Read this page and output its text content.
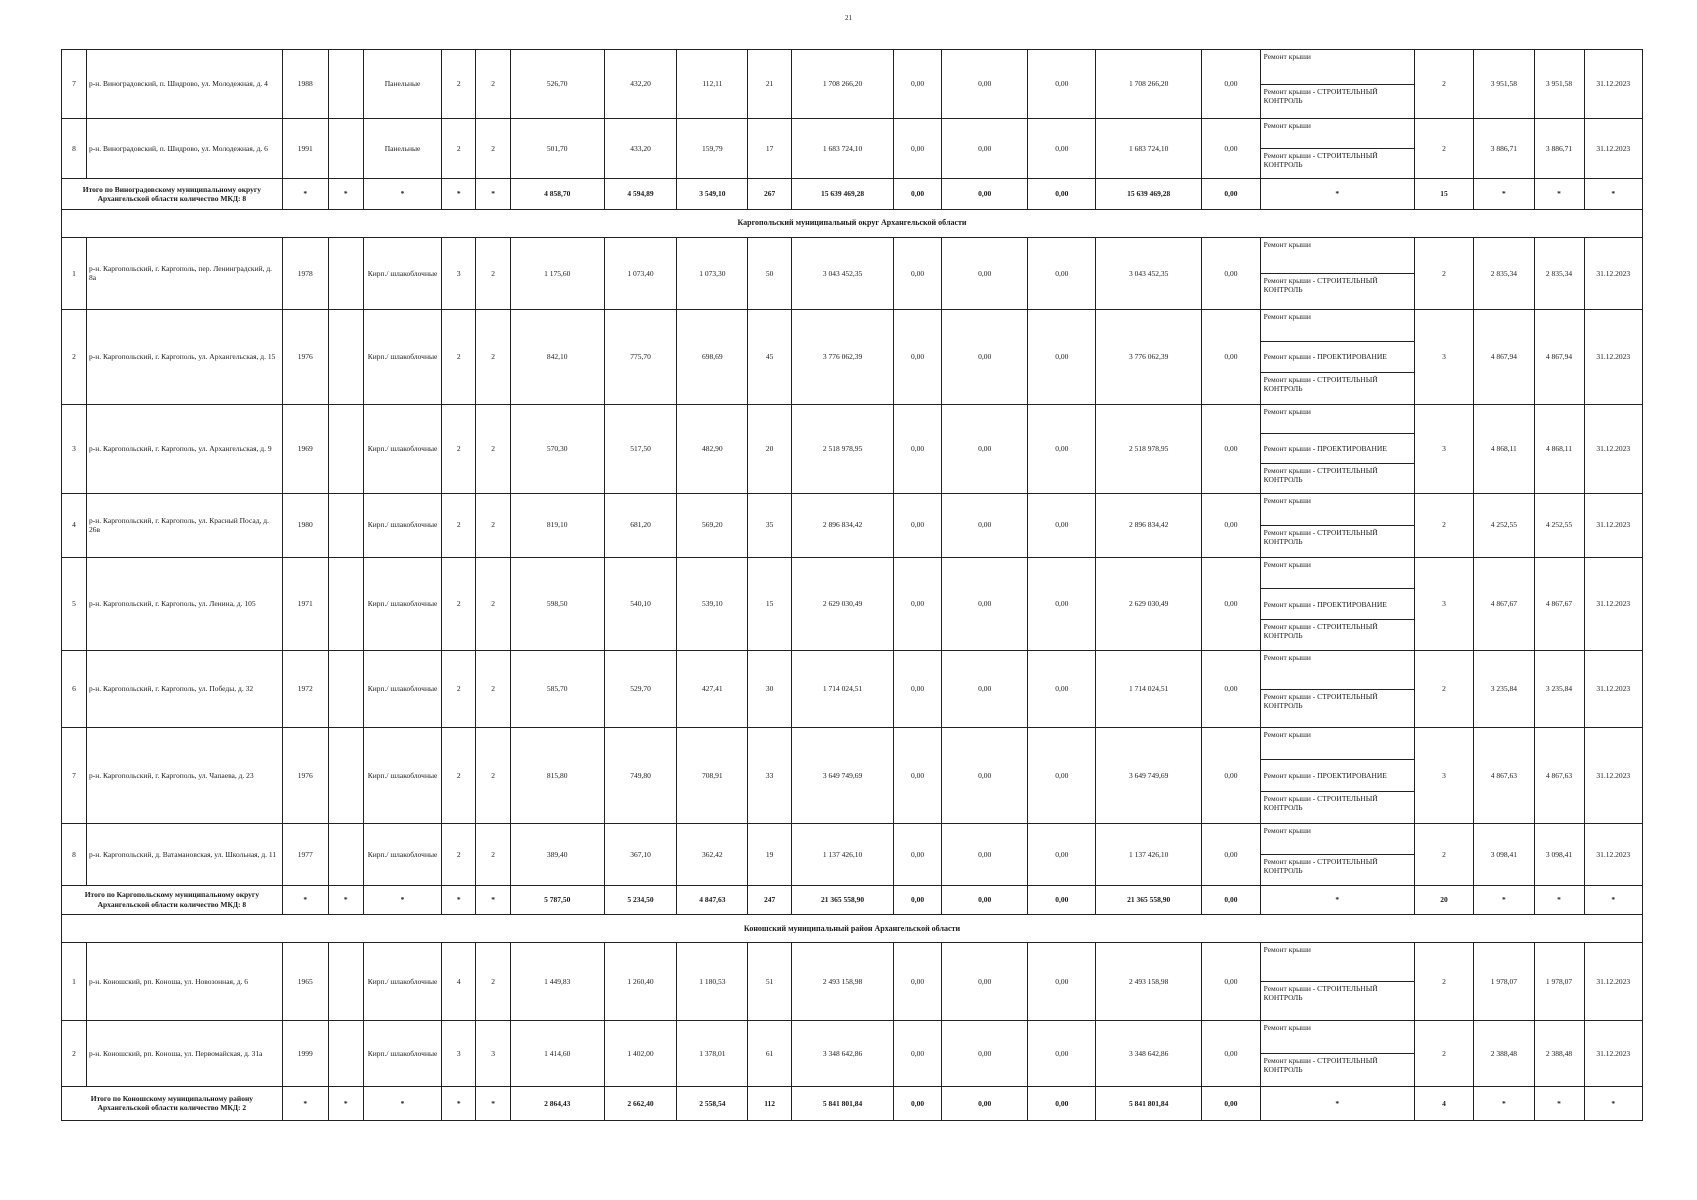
21
7	р-н. Виноградовский, п. Шидрово, ул. Молодежная, д. 4	1988		Панельные	2	2	526,70	432,20	112,11	21	1 708 266,20	0,00	0,00	0,00	1 708 266,20	0,00	Ремонт крыши
Ремонт крыши - СТРОИТЕЛЬНЫЙ КОНТРОЛЬ	2	3 951,58	3 951,58	31.12.2023
8	р-н. Виноградовский, п. Шидрово, ул. Молодежная, д. 6	1991		Панельные	2	2	501,70	433,20	159,79	17	1 683 724,10	0,00	0,00	0,00	1 683 724,10	0,00	Ремонт крыши
Ремонт крыши - СТРОИТЕЛЬНЫЙ КОНТРОЛЬ	2	3 886,71	3 886,71	31.12.2023
Итого по Виноградовскому муниципальному округу Архангельской области количество МКД: 8		*	*	*	*	*	4 858,70	4 594,89	3 549,10	267	15 639 469,28	0,00	0,00	0,00	15 639 469,28	0,00	*	15	*	*	*
Каргопольский муниципальный округ Архангельской области																					
1	р-н. Каргопольский, г. Каргополь, пер. Ленинградский, д. 8а	1978		Кирп./ шлакоблочные	3	2	1 175,60	1 073,40	1 073,30	50	3 043 452,35	0,00	0,00	0,00	3 043 452,35	0,00	Ремонт крыши
Ремонт крыши - СТРОИТЕЛЬНЫЙ КОНТРОЛЬ	2	2 835,34	2 835,34	31.12.2023
2	р-н. Каргопольский, г. Каргополь, ул. Архангельская, д. 15	1976		Кирп./ шлакоблочные	2	2	842,10	775,70	698,69	45	3 776 062,39	0,00	0,00	0,00	3 776 062,39	0,00	Ремонт крыши
Ремонт крыши - ПРОЕКТИРОВАНИЕ
Ремонт крыши - СТРОИТЕЛЬНЫЙ КОНТРОЛЬ	3	4 867,94	4 867,94	31.12.2023
3	р-н. Каргопольский, г. Каргополь, ул. Архангельская, д. 9	1969		Кирп./ шлакоблочные	2	2	570,30	517,50	482,90	20	2 518 978,95	0,00	0,00	0,00	2 518 978,95	0,00	Ремонт крыши
Ремонт крыши - ПРОЕКТИРОВАНИЕ
Ремонт крыши - СТРОИТЕЛЬНЫЙ КОНТРОЛЬ	3	4 868,11	4 868,11	31.12.2023
4	р-н. Каргопольский, г. Каргополь, ул. Красный Посад, д. 26в	1980		Кирп./ шлакоблочные	2	2	819,10	681,20	569,20	35	2 896 834,42	0,00	0,00	0,00	2 896 834,42	0,00	Ремонт крыши
Ремонт крыши - СТРОИТЕЛЬНЫЙ КОНТРОЛЬ	2	4 252,55	4 252,55	31.12.2023
5	р-н. Каргопольский, г. Каргополь, ул. Ленина, д. 105	1971		Кирп./ шлакоблочные	2	2	598,50	540,10	539,10	15	2 629 030,49	0,00	0,00	0,00	2 629 030,49	0,00	Ремонт крыши
Ремонт крыши - ПРОЕКТИРОВАНИЕ
Ремонт крыши - СТРОИТЕЛЬНЫЙ КОНТРОЛЬ	3	4 867,67	4 867,67	31.12.2023
6	р-н. Каргопольский, г. Каргополь, ул. Победы, д. 32	1972		Кирп./ шлакоблочные	2	2	585,70	529,70	427,41	30	1 714 024,51	0,00	0,00	0,00	1 714 024,51	0,00	Ремонт крыши
Ремонт крыши - СТРОИТЕЛЬНЫЙ КОНТРОЛЬ	2	3 235,84	3 235,84	31.12.2023
7	р-н. Каргопольский, г. Каргополь, ул. Чапаева, д. 23	1976		Кирп./ шлакоблочные	2	2	815,80	749,80	708,91	33	3 649 749,69	0,00	0,00	0,00	3 649 749,69	0,00	Ремонт крыши
Ремонт крыши - ПРОЕКТИРОВАНИЕ
Ремонт крыши - СТРОИТЕЛЬНЫЙ КОНТРОЛЬ	3	4 867,63	4 867,63	31.12.2023
8	р-н. Каргопольский, д. Ватамановская, ул. Школьная, д. 11	1977		Кирп./ шлакоблочные	2	2	389,40	367,10	362,42	19	1 137 426,10	0,00	0,00	0,00	1 137 426,10	0,00	Ремонт крыши
Ремонт крыши - СТРОИТЕЛЬНЫЙ КОНТРОЛЬ	2	3 098,41	3 098,41	31.12.2023
Итого по Каргопольскому муниципальному округу Архангельской области количество МКД: 8		*	*	*	*	*	5 787,50	5 234,50	4 847,63	247	21 365 558,90	0,00	0,00	0,00	21 365 558,90	0,00	*	20	*	*	*
Коношский муниципальный район Архангельской области																					
1	р-н. Коношский, рп. Коноша, ул. Новозонная, д. 6	1965		Кирп./ шлакоблочные	4	2	1 449,83	1 260,40	1 180,53	51	2 493 158,98	0,00	0,00	0,00	2 493 158,98	0,00	Ремонт крыши
Ремонт крыши - СТРОИТЕЛЬНЫЙ КОНТРОЛЬ	2	1 978,07	1 978,07	31.12.2023
2	р-н. Коношский, рп. Коноша, ул. Первомайская, д. 31а	1999		Кирп./ шлакоблочные	3	3	1 414,60	1 402,00	1 378,01	61	3 348 642,86	0,00	0,00	0,00	3 348 642,86	0,00	Ремонт крыши
Ремонт крыши - СТРОИТЕЛЬНЫЙ КОНТРОЛЬ	2	2 388,48	2 388,48	31.12.2023
Итого по Коношскому муниципальному району Архангельской области количество МКД: 2		*	*	*	*	*	2 864,43	2 662,40	2 558,54	112	5 841 801,84	0,00	0,00	0,00	5 841 801,84	0,00	*	4	*	*	*
